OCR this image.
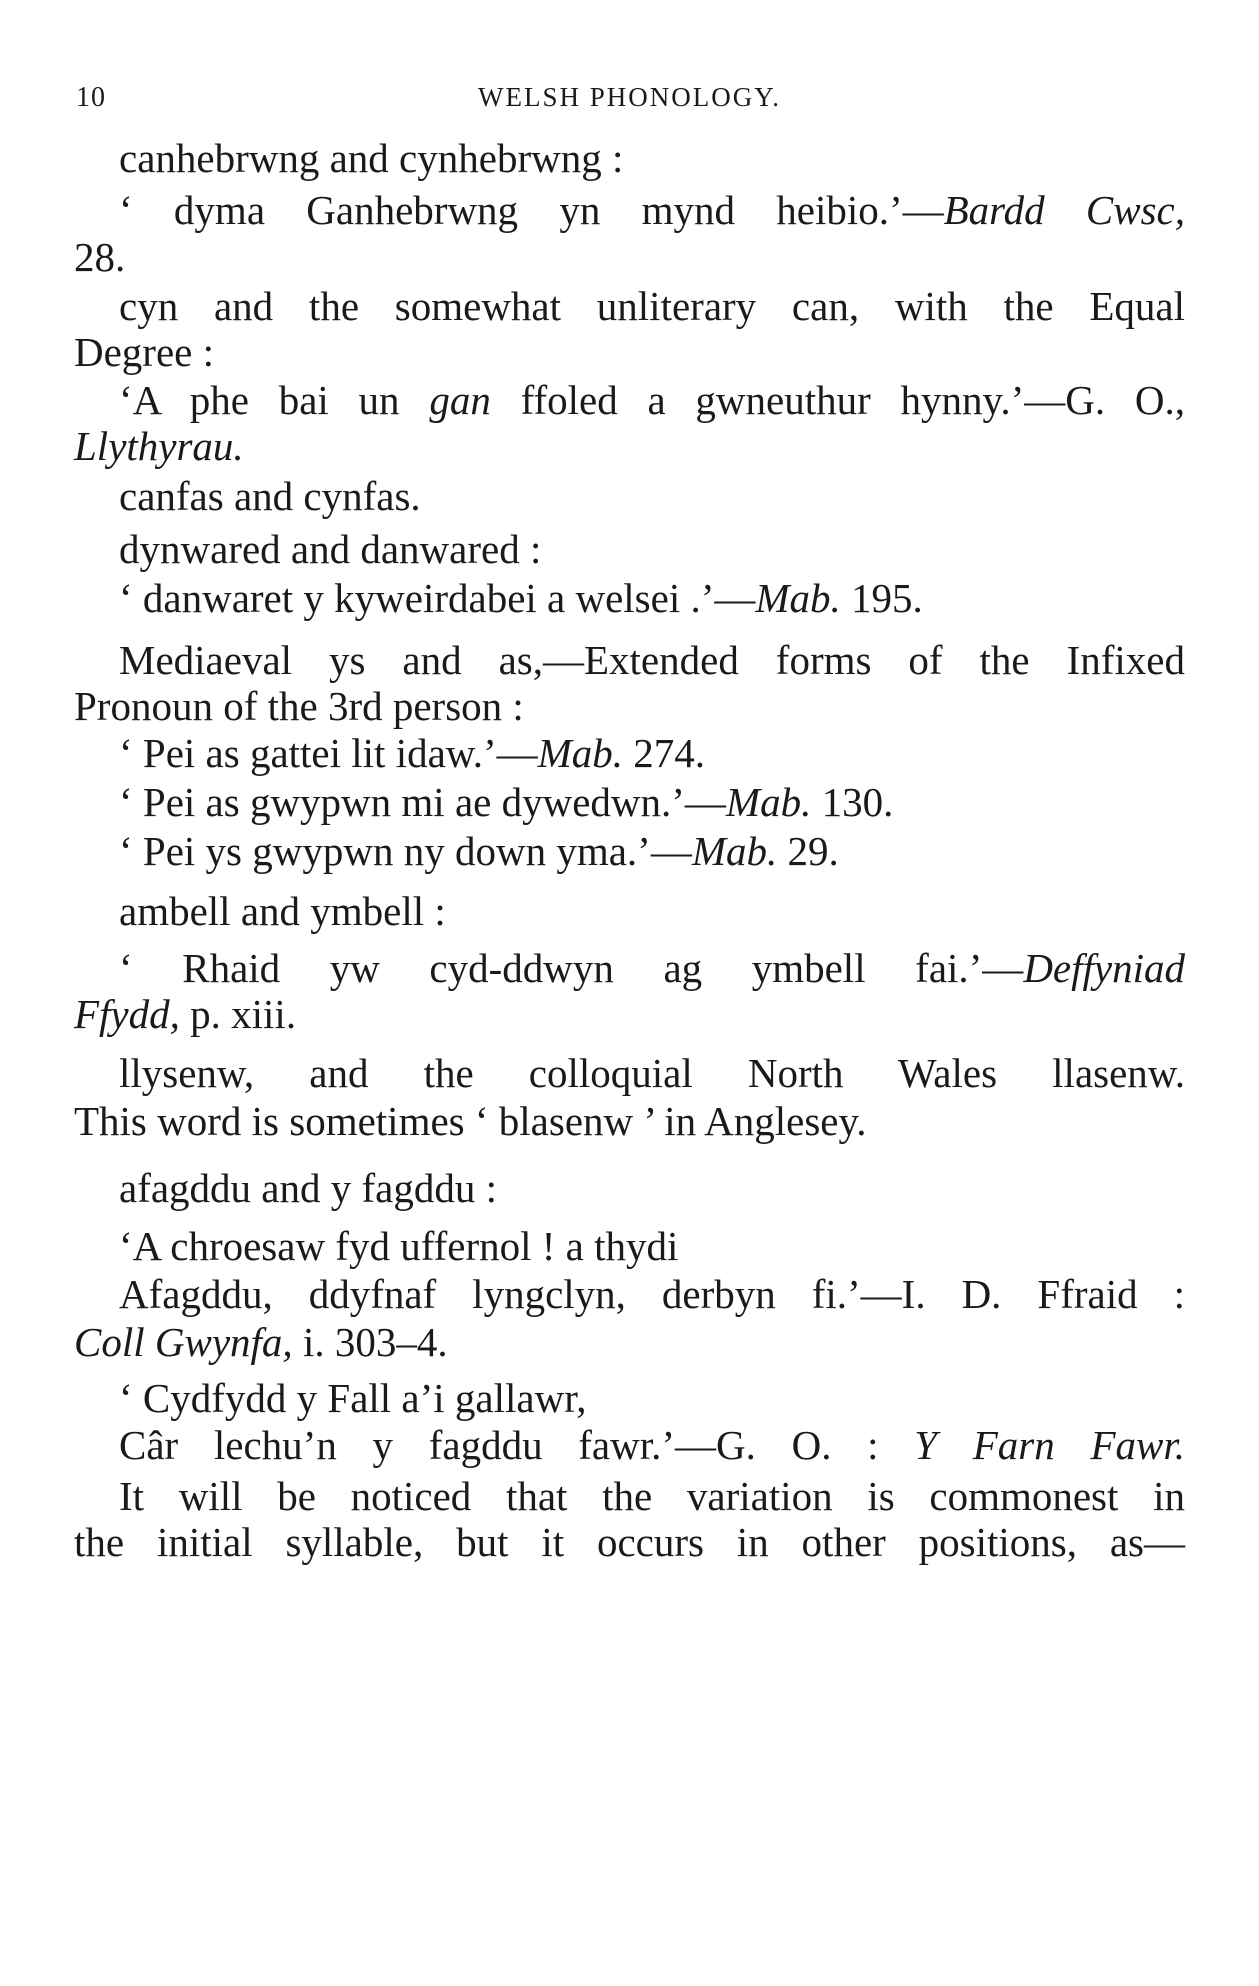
10	WELSH PHONOLOGY.
canhebrwng and cynhebrwng :
‘ dyma Ganhebrwng yn mynd heibio.’—Bardd Cwsc,
28.
cyn and the somewhat unliterary can, with the Equal
Degree :
‘A phe bai un gan ffoled a gwneuthur hynny.’—G. O.,
Llythyrau.
canfas and cynfas.
dynwared and danwared :
‘ danwaret y kyweirdabei a welsei .’—Mab. 195.
Mediaeval ys and as,—Extended forms of the Infixed
Pronoun of the 3rd person :
‘ Pei as gattei lit idaw.’—Mab. 274.
‘ Pei as gwypwn mi ae dywedwn.’—Mab. 130.
‘ Pei ys gwypwn ny down yma.’—Mab. 29.
ambell and ymbell :
‘ Rhaid yw cyd-ddwyn ag ymbell fai.’—Deffyniad
Ffydd, p. xiii.
llysenw, and the colloquial North Wales llasenw.
This word is sometimes ‘ blasenw ’ in Anglesey.
afagddu and y fagddu :
‘A chroesaw fyd uffernol ! a thydi
Afagddu, ddyfnaf lyngclyn, derbyn fi.’—I. D. Ffraid :
Coll Gwynfa, i. 303–4.
‘ Cydfydd y Fall a’i gallawr,
Câr lechu’n y fagddu fawr.’—G. O. : Y Farn Fawr.
It will be noticed that the variation is commonest in
the initial syllable, but it occurs in other positions, as—
